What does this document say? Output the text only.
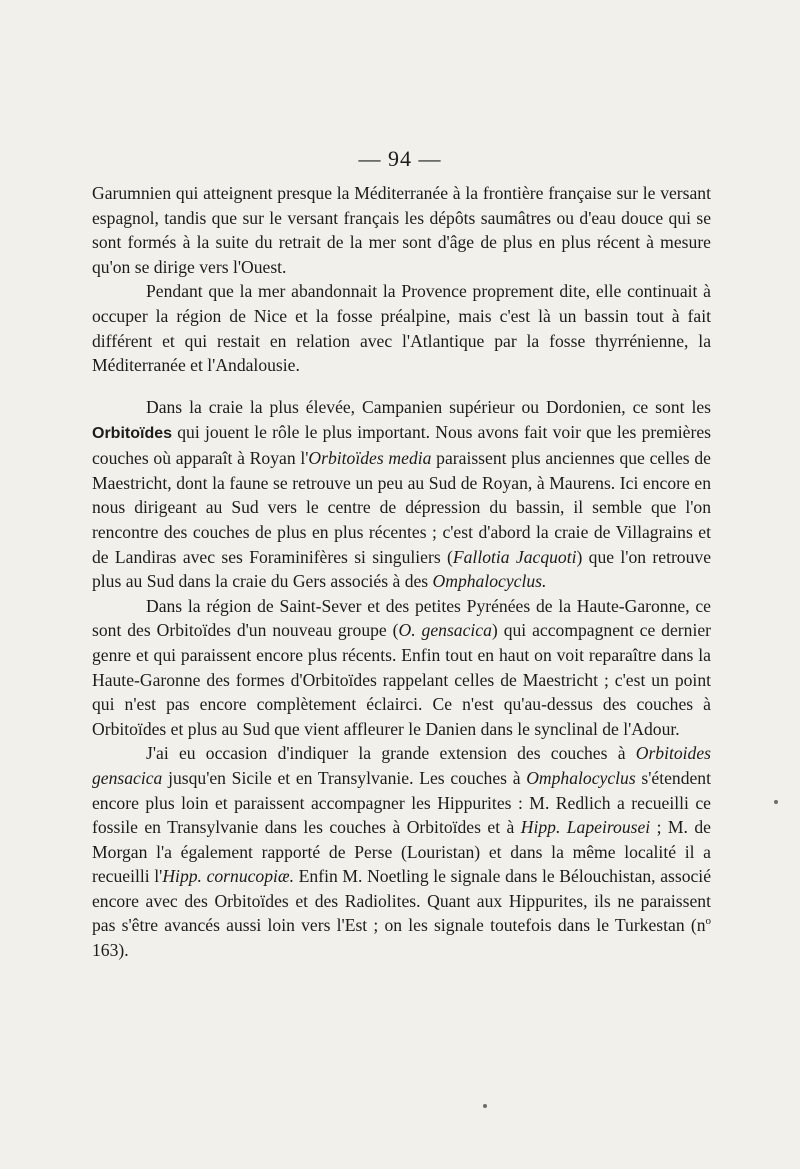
— 94 —

Garumnien qui atteignent presque la Méditerranée à la frontière française sur le versant espagnol, tandis que sur le versant français les dépôts saumâtres ou d'eau douce qui se sont formés à la suite du retrait de la mer sont d'âge de plus en plus récent à mesure qu'on se dirige vers l'Ouest.

Pendant que la mer abandonnait la Provence proprement dite, elle continuait à occuper la région de Nice et la fosse préalpine, mais c'est là un bassin tout à fait différent et qui restait en relation avec l'Atlantique par la fosse thyrrénienne, la Méditerranée et l'Andalousie.

Dans la craie la plus élevée, Campanien supérieur ou Dordonien, ce sont les Orbitoïdes qui jouent le rôle le plus important. Nous avons fait voir que les premières couches où apparaît à Royan l'Orbitoïdes media paraissent plus anciennes que celles de Maestricht, dont la faune se retrouve un peu au Sud de Royan, à Maurens. Ici encore en nous dirigeant au Sud vers le centre de dépression du bassin, il semble que l'on rencontre des couches de plus en plus récentes ; c'est d'abord la craie de Villagrains et de Landiras avec ses Foraminifères si singuliers (Fallotia Jacquoti) que l'on retrouve plus au Sud dans la craie du Gers associés à des Omphalocyclus.

Dans la région de Saint-Sever et des petites Pyrénées de la Haute-Garonne, ce sont des Orbitoïdes d'un nouveau groupe (O. gensacica) qui accompagnent ce dernier genre et qui paraissent encore plus récents. Enfin tout en haut on voit reparaître dans la Haute-Garonne des formes d'Orbitoïdes rappelant celles de Maestricht ; c'est un point qui n'est pas encore complètement éclairci. Ce n'est qu'au-dessus des couches à Orbitoïdes et plus au Sud que vient affleurer le Danien dans le synclinal de l'Adour.

J'ai eu occasion d'indiquer la grande extension des couches à Orbitoides gensacica jusqu'en Sicile et en Transylvanie. Les couches à Omphalocyclus s'étendent encore plus loin et paraissent accompagner les Hippurites : M. Redlich a recueilli ce fossile en Transylvanie dans les couches à Orbitoïdes et à Hipp. Lapeirousei ; M. de Morgan l'a également rapporté de Perse (Louristan) et dans la même localité il a recueilli l'Hipp. cornucopiæ. Enfin M. Noetling le signale dans le Bélouchistan, associé encore avec des Orbitoïdes et des Radiolites. Quant aux Hippurites, ils ne paraissent pas s'être avancés aussi loin vers l'Est ; on les signale toutefois dans le Turkestan ($n^o$ 163).
